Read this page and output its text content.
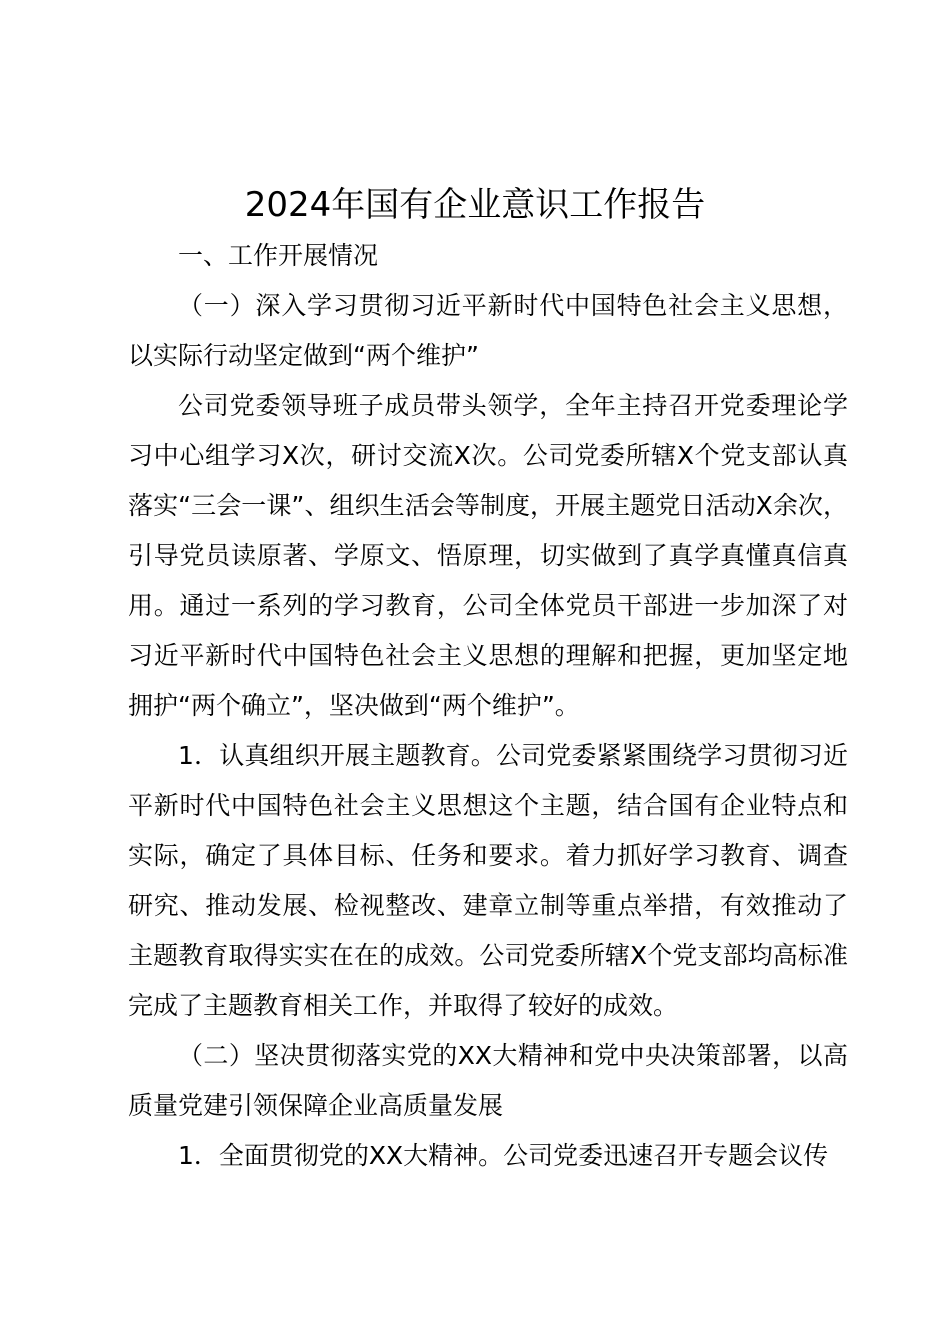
2024年国有企业意识工作报告

一、工作开展情况

（一）深入学习贯彻习近平新时代中国特色社会主义思想，以实际行动坚定做到“两个维护”

公司党委领导班子成员带头领学，全年主持召开党委理论学习中心组学习X次，研讨交流X次。公司党委所辖X个党支部认真落实“三会一课”、组织生活会等制度，开展主题党日活动X余次，引导党员读原著、学原文、悟原理，切实做到了真学真懂真信真用。通过一系列的学习教育，公司全体党员干部进一步加深了对习近平新时代中国特色社会主义思想的理解和把握，更加坚定地拥护“两个确立”，坚决做到“两个维护”。

1．认真组织开展主题教育。公司党委紧紧围绕学习贯彻习近平新时代中国特色社会主义思想这个主题，结合国有企业特点和实际，确定了具体目标、任务和要求。着力抓好学习教育、调查研究、推动发展、检视整改、建章立制等重点举措，有效推动了主题教育取得实实在在的成效。公司党委所辖X个党支部均高标准完成了主题教育相关工作，并取得了较好的成效。

（二）坚决贯彻落实党的XX大精神和党中央决策部署，以高质量党建引领保障企业高质量发展

1．全面贯彻党的XX大精神。公司党委迅速召开专题会议传
